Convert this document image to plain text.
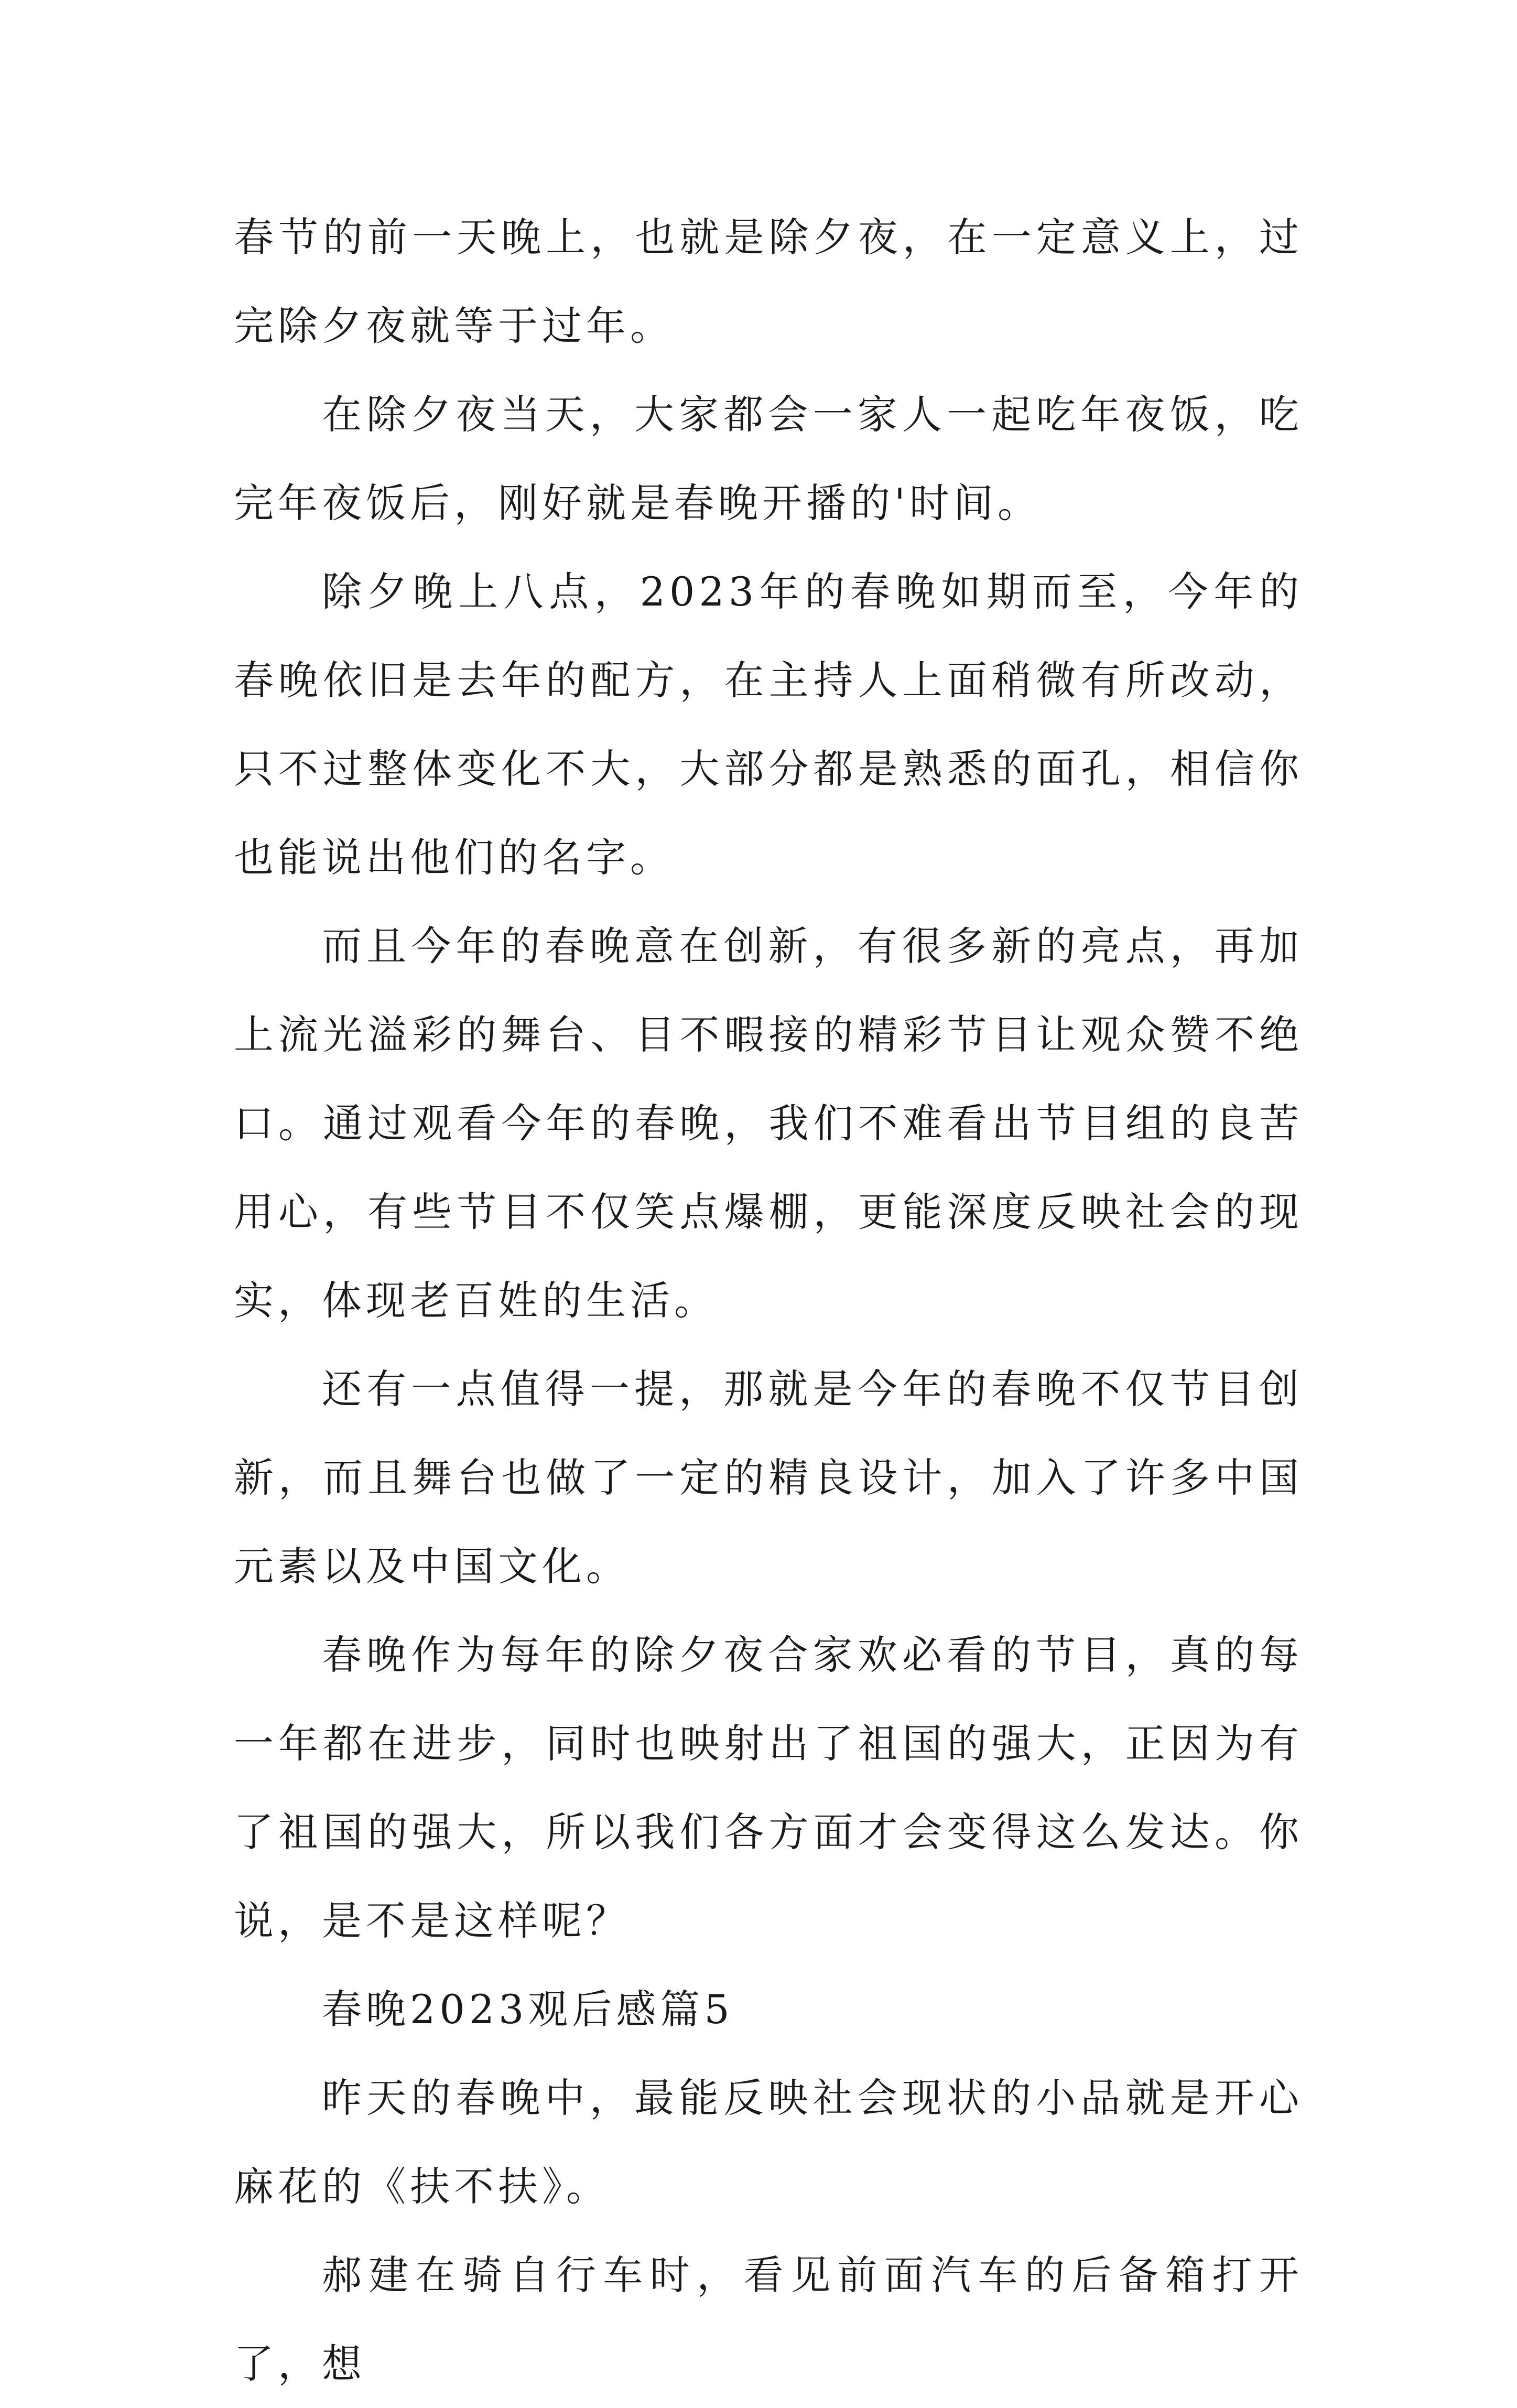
春节的前一天晚上，也就是除夕夜，在一定意义上，过完除夕夜就等于过年。

在除夕夜当天，大家都会一家人一起吃年夜饭，吃完年夜饭后，刚好就是春晚开播的'时间。

除夕晚上八点，2023年的春晚如期而至，今年的春晚依旧是去年的配方，在主持人上面稍微有所改动，只不过整体变化不大，大部分都是熟悉的面孔，相信你也能说出他们的名字。

而且今年的春晚意在创新，有很多新的亮点，再加上流光溢彩的舞台、目不暇接的精彩节目让观众赞不绝口。通过观看今年的春晚，我们不难看出节目组的良苦用心，有些节目不仅笑点爆棚，更能深度反映社会的现实，体现老百姓的生活。

还有一点值得一提，那就是今年的春晚不仅节目创新，而且舞台也做了一定的精良设计，加入了许多中国元素以及中国文化。

春晚作为每年的除夕夜合家欢必看的节目，真的每一年都在进步，同时也映射出了祖国的强大，正因为有了祖国的强大，所以我们各方面才会变得这么发达。你说，是不是这样呢？

春晚2023观后感篇5

昨天的春晚中，最能反映社会现状的小品就是开心麻花的《扶不扶》。

郝建在骑自行车时，看见前面汽车的后备箱打开了，想
